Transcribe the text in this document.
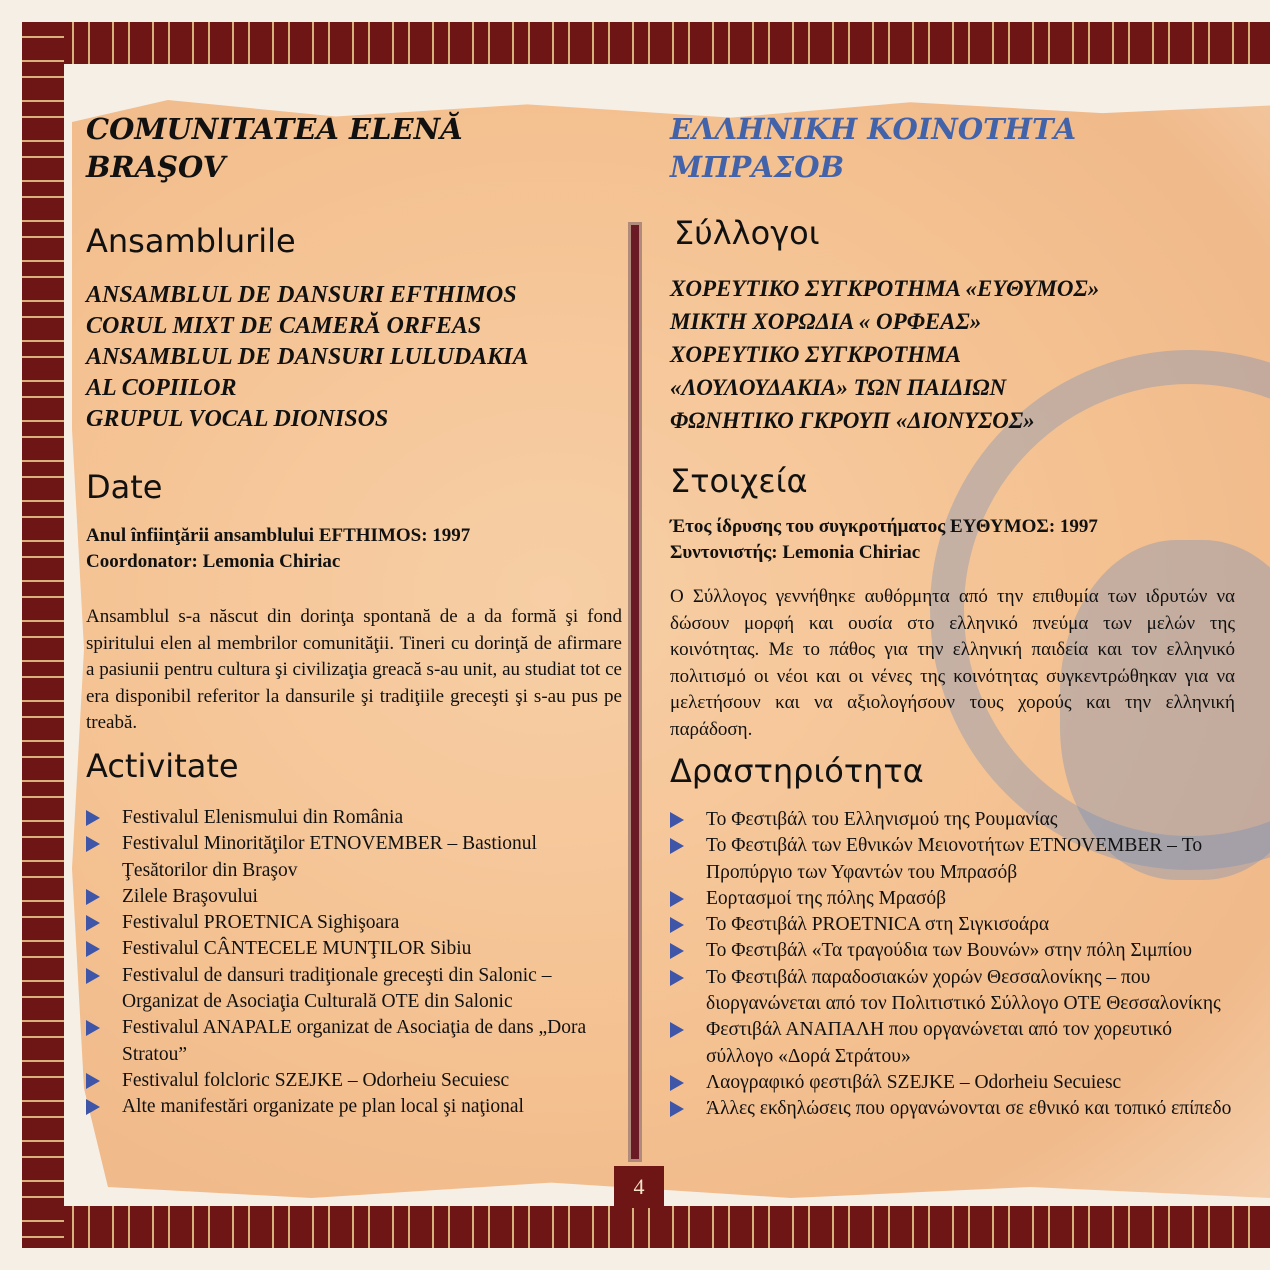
4
COMUNITATEA ELENĂ
BRAŞOV
Ansamblurile
ANSAMBLUL DE DANSURI EFTHIMOS
CORUL MIXT DE CAMERĂ ORFEAS
ANSAMBLUL DE DANSURI LULUDAKIA
AL COPIILOR
GRUPUL VOCAL DIONISOS
Date
Anul înfiinţării ansamblului EFTHIMOS: 1997
Coordonator: Lemonia Chiriac
Ansamblul s-a născut din dorinţa spontană de a da formă şi fond spiritului elen al membrilor comunităţii. Tineri cu dorinţă de afirmare a pasiunii pentru cultura şi civilizaţia greacă s-au unit, au studiat tot ce era disponibil referitor la dansurile şi tradiţiile greceşti şi s-au pus pe treabă.
Activitate
Festivalul Elenismului din România
Festivalul Minorităţilor ETNOVEMBER – Bastionul Ţesătorilor din Braşov
Zilele Braşovului
Festivalul PROETNICA Sighişoara
Festivalul CÂNTECELE MUNŢILOR Sibiu
Festivalul de dansuri tradiţionale greceşti din Salonic – Organizat de Asociaţia Culturală OTE din Salonic
Festivalul ANAPALE organizat de Asociaţia de dans „Dora Stratou”
Festivalul folcloric SZEJKE – Odorheiu Secuiesc
Alte manifestări organizate pe plan local şi naţional
ΕΛΛΗΝΙΚΗ ΚΟΙΝΟΤΗΤΑ
ΜΠΡΑΣΟΒ
Σύλλογοι
ΧΟΡΕΥΤΙΚΟ ΣΥΓΚΡΟΤΗΜΑ «ΕΥΘΥΜΟΣ»
ΜΙΚΤΗ ΧΟΡΩΔΙΑ « ΟΡΦΕΑΣ»
ΧΟΡΕΥΤΙΚΟ ΣΥΓΚΡΟΤΗΜΑ
«ΛΟΥΛΟΥΔΑΚΙΑ» ΤΩΝ ΠΑΙΔΙΩΝ
ΦΩΝΗΤΙΚΟ ΓΚΡΟΥΠ «ΔΙΟΝΥΣΟΣ»
Στοιχεία
Έτος ίδρυσης του συγκροτήματος ΕΥΘΥΜΟΣ: 1997
Συντονιστής: Lemonia Chiriac
Ο Σύλλογος γεννήθηκε αυθόρμητα από την επιθυμία των ιδρυτών να δώσουν μορφή και ουσία στο ελληνικό πνεύμα των μελών της κοινότητας. Με το πάθος για την ελληνική παιδεία και τον ελληνικό πολιτισμό οι νέοι και οι νένες της κοινότητας συγκεντρώθηκαν για να μελετήσουν και να αξιολογήσουν τους χορούς και την ελληνική παράδοση.
Δραστηριότητα
Το Φεστιβάλ του Ελληνισμού της Ρουμανίας
Το Φεστιβάλ των Εθνικών Μειονοτήτων ETNOVEMBER – Το Προπύργιο των Υφαντών του Μπρασόβ
Εορτασμοί της πόλης Μρασόβ
Το Φεστιβάλ PROETNICA στη Σιγκισοάρα
Το Φεστιβάλ «Τα τραγούδια των Βουνών» στην πόλη Σιμπίου
Το Φεστιβάλ παραδοσιακών χορών Θεσσαλονίκης – που διοργανώνεται από τον Πολιτιστικό Σύλλογο ΟΤΕ Θεσσαλονίκης
Φεστιβάλ ΑΝΑΠΑΛΗ που οργανώνεται από τον χορευτικό σύλλογο «Δορά Στράτου»
Λαογραφικό φεστιβάλ SZEJKE – Odorheiu Secuiesc
Άλλες εκδηλώσεις που οργανώνονται σε εθνικό και τοπικό επίπεδο
